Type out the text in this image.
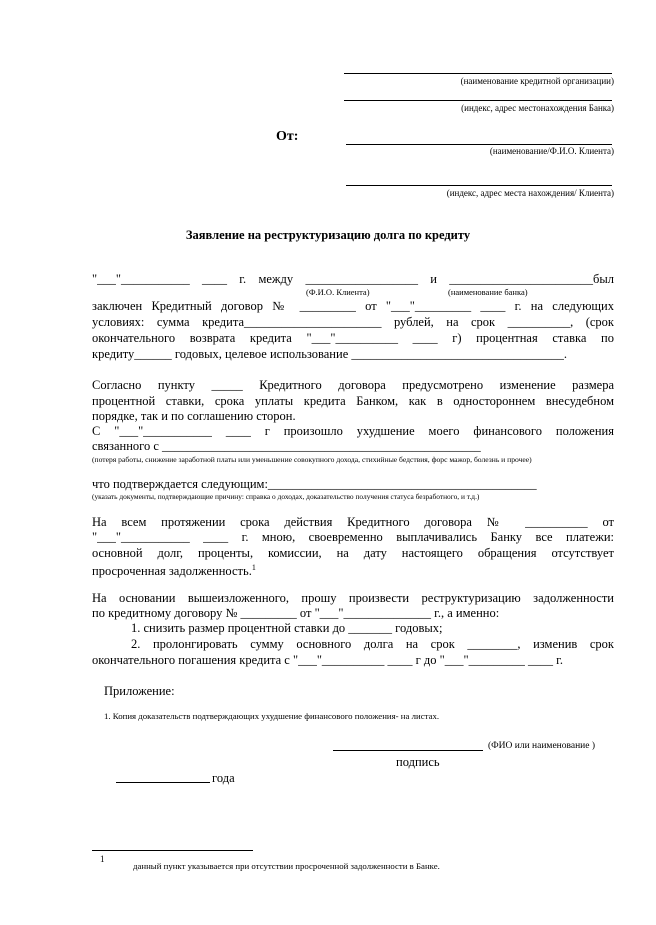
(наименование кредитной организации)
(индекс, адрес местонахождения Банка)
От:
(наименование/Ф.И.О. Клиента)
(индекс, адрес места нахождения/ Клиента)
Заявление на реструктуризацию долга по кредиту
"___"___________ ____ г. между __________________ и _______________________был
(Ф.И.О. Клиента)	(наименование банка)
заключен Кредитный договор № _________ от "___"_________ ____ г. на следующих
условиях: сумма кредита______________________ рублей, на срок __________, (срок
окончательного возврата кредита "___"__________ ____ г) процентная ставка по
кредиту______ годовых, целевое использование __________________________________.
Согласно пункту _____ Кредитного договора предусмотрено изменение размера
процентной ставки, срока уплаты кредита Банком, как в одностороннем внесудебном
порядке, так и по соглашению сторон.
С "___"___________ ____ г произошло ухудшение моего финансового положения
связанного с ___________________________________________________
(потеря работы, снижение заработной платы или уменьшение совокупного дохода, стихийные бедствия, форс мажор, болезнь и прочее)
что подтверждается следующим:___________________________________________
(указать документы, подтверждающие причину: справка о доходах, доказательство получения статуса безработного, и т.д.)
На всем протяжении срока действия Кредитного договора № __________ от
"___"___________ ____ г. мною, своевременно выплачивались Банку все платежи:
основной долг, проценты, комиссии, на дату настоящего обращения отсутствует
просроченная задолженность.$^1$
На основании вышеизложенного, прошу произвести реструктуризацию задолженности
по кредитному договору № _________ от "___"______________ г., а именно:
1. снизить размер процентной ставки до _______ годовых;
2. пролонгировать сумму основного долга на срок ________, изменив срок
окончательного погашения кредита с "___"__________ ____ г до "___"_________ ____ г.
Приложение:
1. Копия доказательств подтверждающих ухудшение финансового положения- на листах.
(ФИО или наименование )
подпись
года
1
данный пункт указывается при отсутствии просроченной задолженности в Банке.
